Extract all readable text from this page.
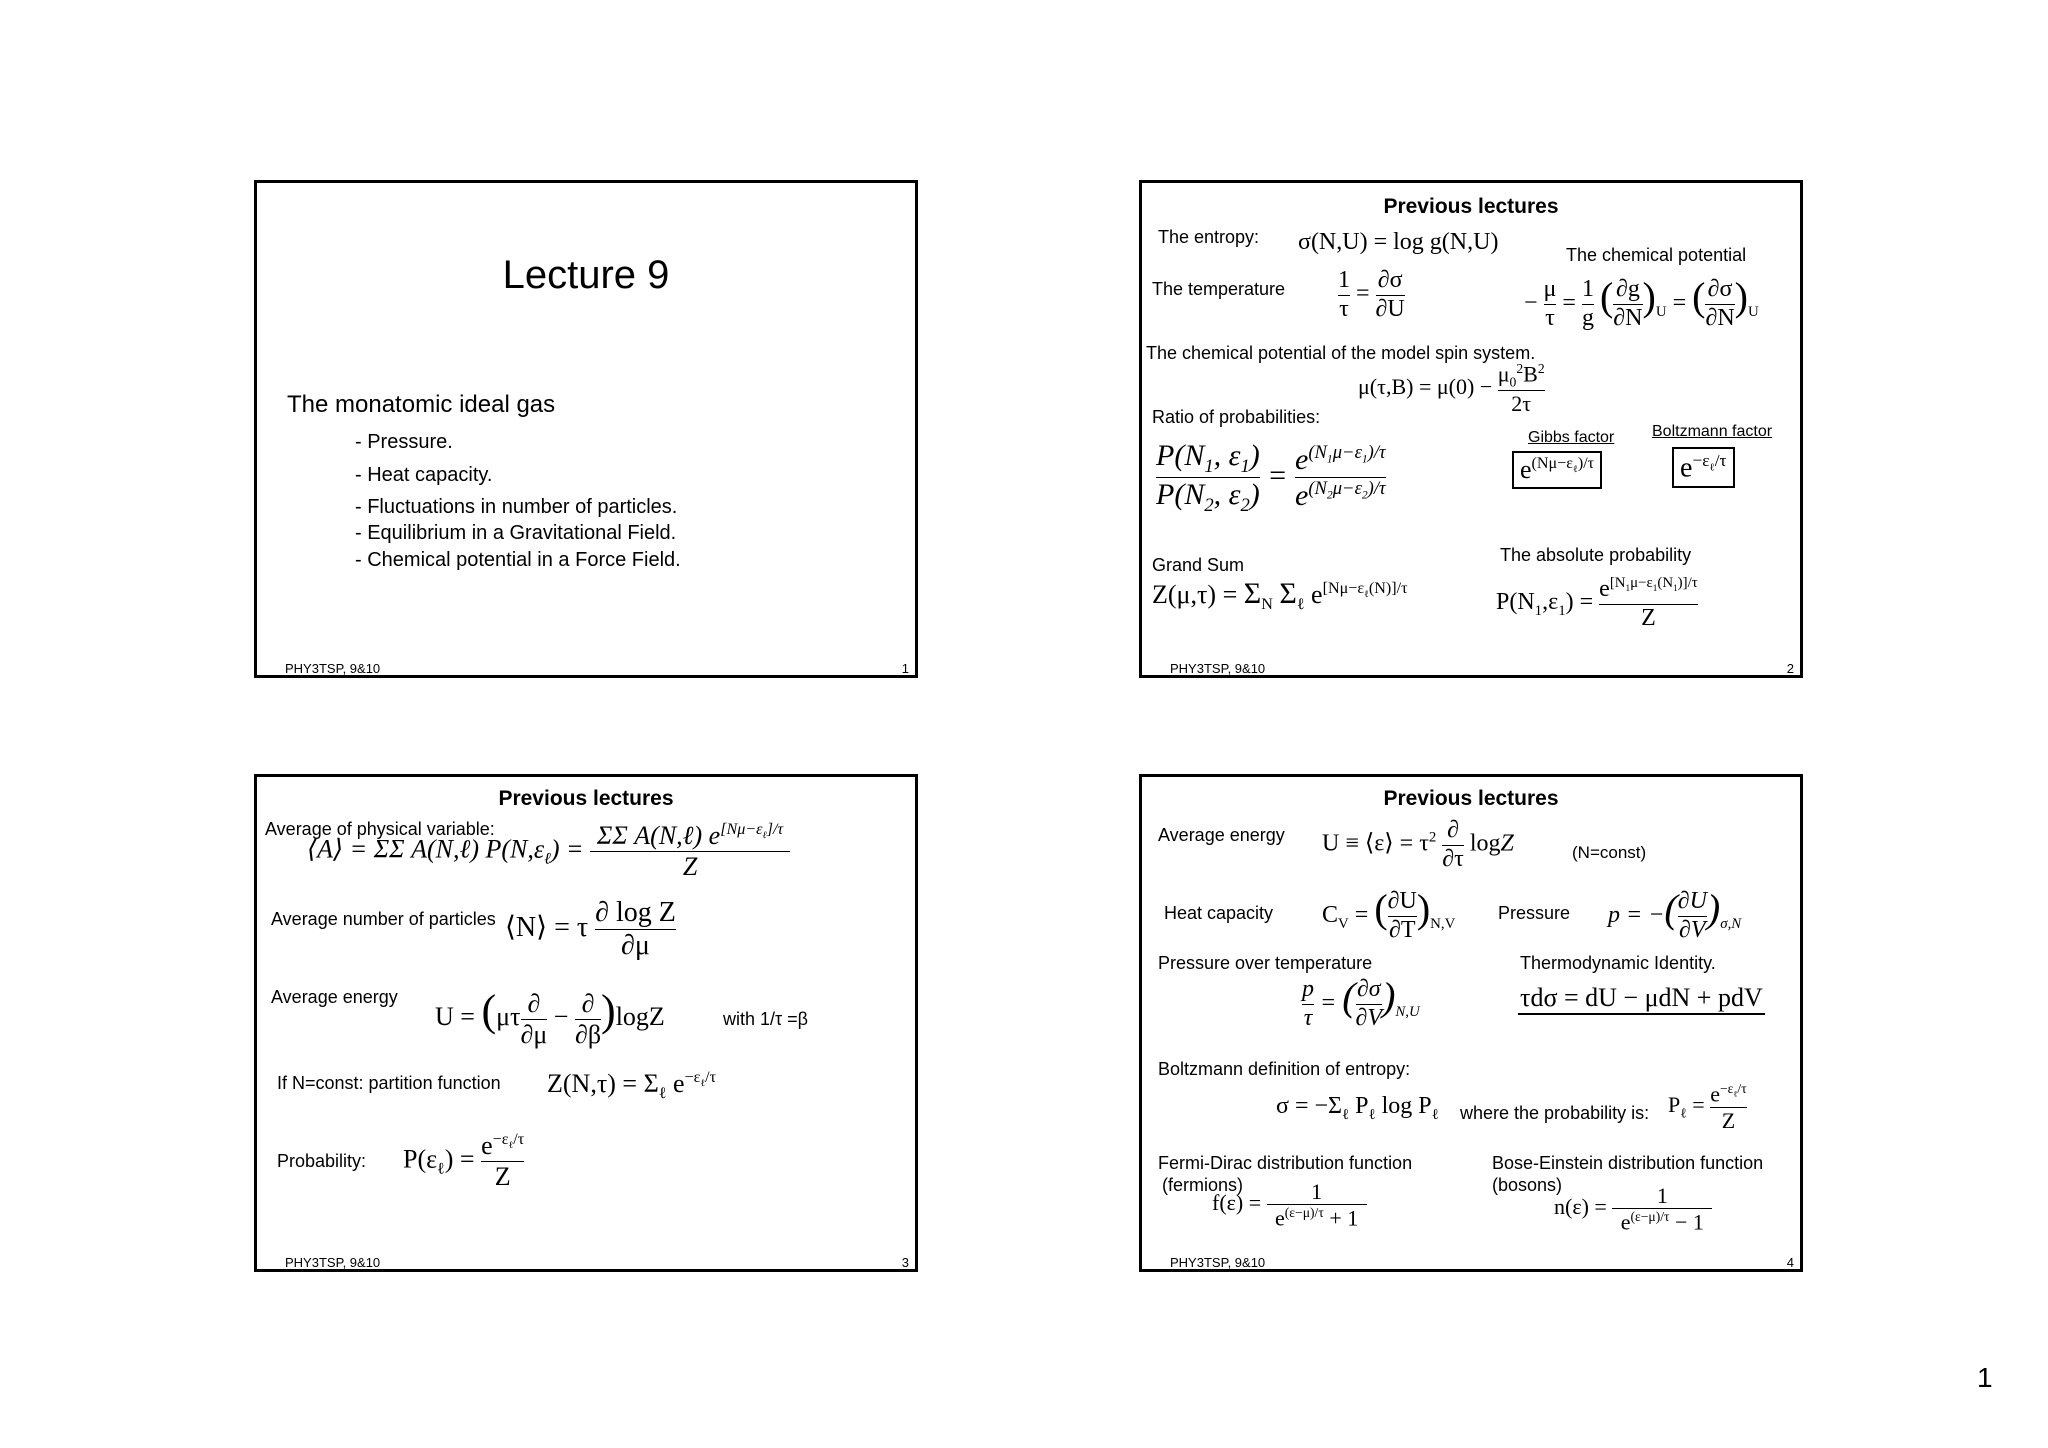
Lecture 9
The monatomic ideal gas
- Pressure.
- Heat capacity.
- Fluctuations in number of particles.
- Equilibrium in a Gravitational Field.
- Chemical potential in a Force Field.
PHY3TSP, 9&10	1
Previous lectures
The entropy: σ(N,U) = log g(N,U)	The chemical potential
The temperature $\frac{1}{\tau} = \frac{\partial\sigma}{\partial U}$	− $\frac{\mu}{\tau} = \frac{1}{g}$ ( $\frac{\partial g}{\partial N} )_U$ = ( $\frac{\partial\sigma}{\partial N} )_U$
The chemical potential of the model spin system.
$\mu(\tau,B) = \mu(0) - \frac{\mu_0^2B^2}{2\tau}$
Ratio of probabilities:
Gibbs factor Boltzmann factor
$\frac{P(N_1, \varepsilon_1)}{P(N_2, \varepsilon_2)} = \frac{e^{(N_1\mu-\varepsilon_1)/\tau}}{e^{(N_2\mu-\varepsilon_2)/\tau}}$	$e^{(N\mu-\varepsilon_\ell)/\tau}$	$e^{-\varepsilon_\ell/\tau}$
The absolute probability
Grand Sum
$Z(\mu,\tau) = \Sigma_N$ $\Sigma_\ell$ $e^{[N\mu-\varepsilon_\ell(N)]/\tau}$
$P(N_1,\varepsilon_1) = \frac{e^{[N_1\mu-\varepsilon_1(N_1)]/\tau}}{Z}$
PHY3TSP, 9&10	2
Previous lectures
Average of physical variable:
⟨A⟩ = ΣΣ A(N,ℓ) $P(N,\varepsilon_\ell) = \frac{\Sigma\Sigma A(N,\ell) e^{[N\mu-\varepsilon_\ell]/\tau}}{Z}$
Average number of particles ⟨N⟩ = τ $\frac{\text{∂ log Z}}{\partial\mu}$
Average energy
$U = (\mu\tau \frac{\partial}{\partial\mu} - \frac{\partial}{\partial\beta} )\log Z$	with 1/τ =β
If N=const: partition function $Z(N,\tau) = \Sigma_\ell$ $e^{-\varepsilon_\ell/\tau}$
Probability: $P(\varepsilon_\ell) = \frac{e^{-\varepsilon_\ell/\tau}}{Z}$
PHY3TSP, 9&10	3
Previous lectures
Average energy U ≡ ⟨ε⟩ = $\tau^2 \frac{\partial}{\partial\tau}$ logZ	(N=const)
Heat capacity $C_V$ = ( $\frac{\partial U}{\partial T} )_{N,V}$
Pressure p = −( $\frac{\partial U}{\partial V} )_{\sigma,N}$
Pressure over temperature	Thermodynamic Identity.
$\frac{p}{\tau}$ = ( $\frac{\partial\sigma}{\partial V} )_{N,U}$	τdσ = dU − μdN + pdV
Boltzmann definition of entropy:
$\sigma = -\Sigma_\ell$ $P_\ell$ $\log P_\ell$ where the probability is: $P_\ell = \frac{e^{-\varepsilon_\ell/\tau}}{Z}$
Fermi-Dirac distribution function
(fermions)
Bose-Einstein distribution function
(bosons)
$f(\varepsilon) = \frac{1}{e^{(\varepsilon-\mu)/\tau} + 1}$	$n(\varepsilon) = \frac{1}{e^{(\varepsilon-\mu)/\tau} - 1}$
PHY3TSP, 9&10	4
1
